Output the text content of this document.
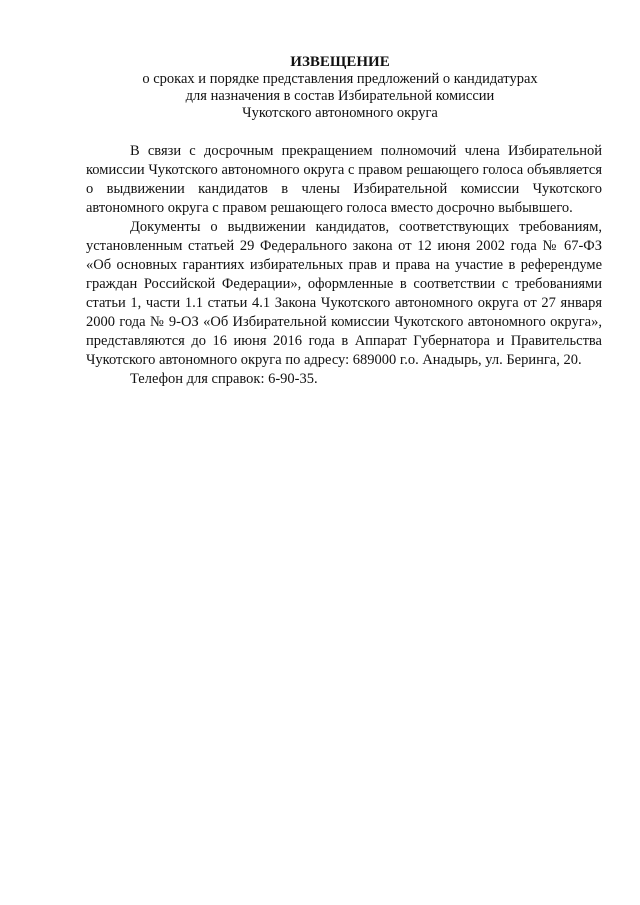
ИЗВЕЩЕНИЕ

о сроках и порядке представления предложений о кандидатурах

для назначения в состав Избирательной комиссии

Чукотского автономного округа

В связи с досрочным прекращением полномочий члена Избирательной комиссии Чукотского автономного округа с правом решающего голоса объявляется о выдвижении кандидатов в члены Избирательной комиссии Чукотского автономного округа с правом решающего голоса вместо досрочно выбывшего.

Документы о выдвижении кандидатов, соответствующих требованиям, установленным статьей 29 Федерального закона от 12 июня 2002 года № 67-ФЗ «Об основных гарантиях избирательных прав и права на участие в референдуме граждан Российской Федерации», оформленные в соответствии с требованиями статьи 1, части 1.1 статьи 4.1 Закона Чукотского автономного округа от 27 января 2000 года № 9-ОЗ «Об Избирательной комиссии Чукотского автономного округа», представляются до 16 июня 2016 года в Аппарат Губернатора и Правительства Чукотского автономного округа по адресу: 689000 г.о. Анадырь, ул. Беринга, 20.

Телефон для справок: 6-90-35.
